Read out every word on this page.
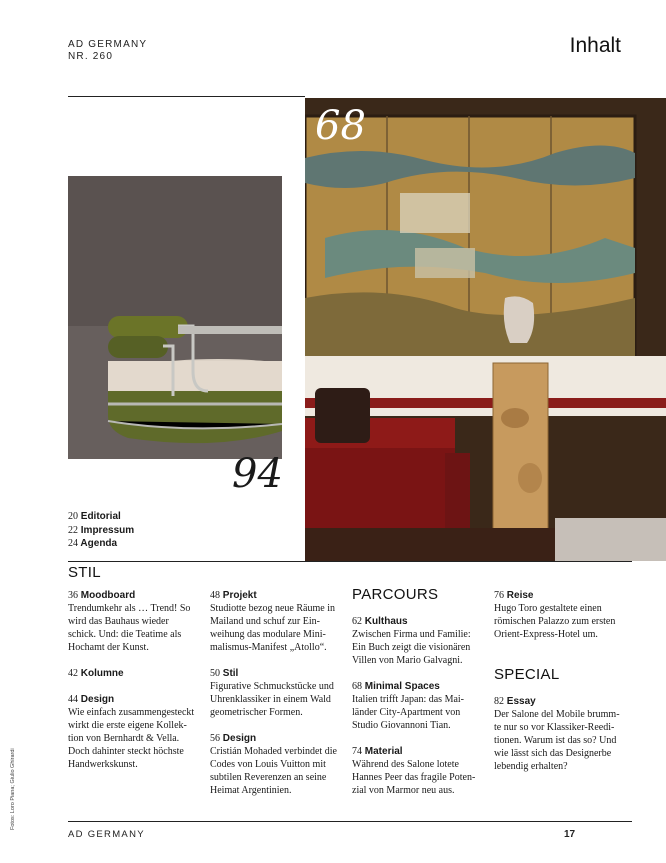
AD GERMANY
NR. 260	Inhalt
68
94
20 Editorial
22 Impressum
24 Agenda
STIL
36 Moodboard
Trendumkehr als … Trend! So wird das Bauhaus wieder schick. Und: die Teatime als Hochamt der Kunst.
42 Kolumne
44 Design
Wie einfach zusammengesteckt wirkt die erste eigene Kollektion von Bernhardt & Vella. Doch dahinter steckt höchste Handwerkskunst.
48 Projekt
Studiotte bezog neue Räume in Mailand und schuf zur Einweihung das modulare Minimalismus-Manifest „Atollo“.
50 Stil
Figurative Schmuckstücke und Uhrenklassiker in einem Wald geometrischer Formen.
56 Design
Cristián Mohaded verbindet die Codes von Louis Vuitton mit subtilen Reverenzen an seine Heimat Argentinien.
PARCOURS
62 Kulthaus
Zwischen Firma und Familie: Ein Buch zeigt die visionären Villen von Mario Galvagni.
68 Minimal Spaces
Italien trifft Japan: das Mailänder City-Apartment von Studio Giovannoni Tian.
74 Material
Während des Salone lotete Hannes Peer das fragile Potenzial von Marmor neu aus.
76 Reise
Hugo Toro gestaltete einen römischen Palazzo zum ersten Orient-Express-Hotel um.
SPECIAL
82 Essay
Der Salone del Mobile brummte nur so vor Klassiker-Reeditionen. Warum ist das so? Und wie lässt sich das Designerbe lebendig erhalten?
Fotos: Loro Piana; Giulio Ghirardi
AD GERMANY	17
